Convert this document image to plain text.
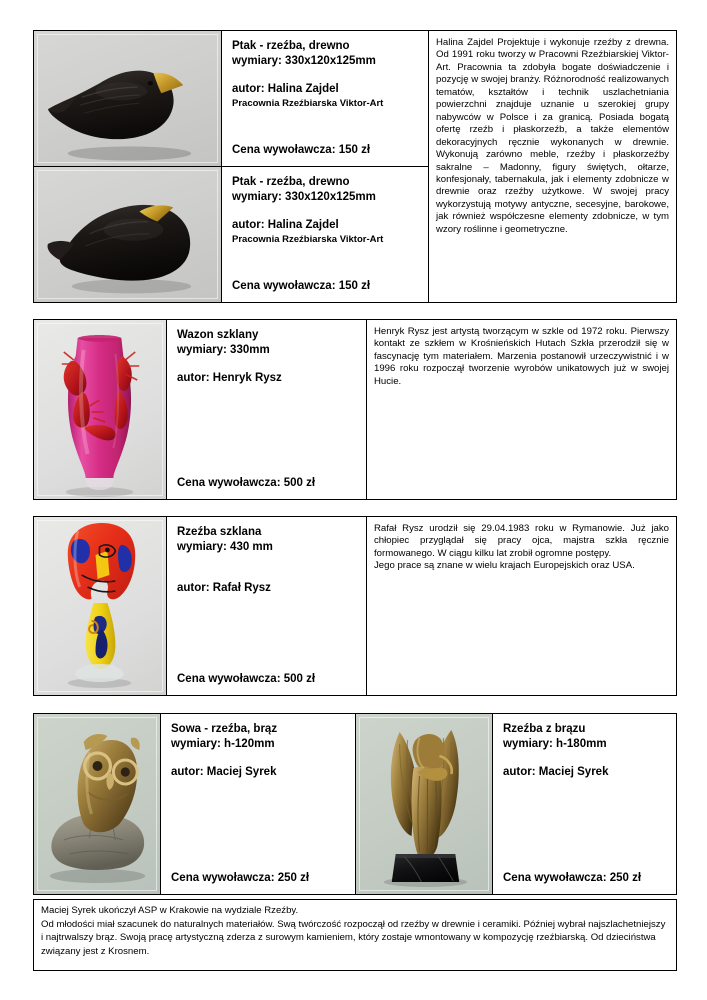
Ptak - rzeźba, drewno
wymiary: 330x120x125mm
autor: Halina Zajdel
Pracownia Rzeźbiarska Viktor-Art
Cena wywoławcza: 150 zł
Ptak - rzeźba, drewno
wymiary: 330x120x125mm
autor: Halina Zajdel
Pracownia Rzeźbiarska Viktor-Art
Cena wywoławcza: 150 zł

Halina Zajdel Projektuje i wykonuje rzeźby z drewna. Od 1991 roku tworzy w Pracowni Rzeźbiarskiej Viktor-Art. Pracownia ta zdobyła bogate doświadczenie i pozycję w swojej branży. Różnorodność realizowanych tematów, kształtów i technik uszlachetniania powierzchni znajduje uznanie u szerokiej grupy nabywców w Polsce i za granicą. Posiada bogatą ofertę rzeźb i płaskorzeźb, a także elementów dekoracyjnych ręcznie wykonanych w drewnie. Wykonują zarówno meble, rzeźby i płaskorzeźby sakralne – Madonny, figury świętych, ołtarze, konfesjonały, tabernakula, jak i elementy zdobnicze w drewnie oraz rzeźby użytkowe. W swojej pracy wykorzystują motywy antyczne, secesyjne, barokowe, jak również współczesne elementy zdobnicze, w tym wzory roślinne i geometryczne.

Wazon szklany
wymiary: 330mm
autor: Henryk Rysz
Cena wywoławcza: 500 zł

Henryk Rysz jest artystą tworzącym w szkle od 1972 roku. Pierwszy kontakt ze szkłem w Krośnieńskich Hutach Szkła przerodził się w fascynację tym materiałem. Marzenia postanowił urzeczywistnić i w 1996 roku rozpoczął tworzenie wyrobów unikatowych już w swojej Hucie.

Rzeźba szklana
wymiary: 430 mm
autor: Rafał Rysz
Cena wywoławcza: 500 zł

Rafał Rysz urodził się 29.04.1983 roku w Rymanowie. Już jako chłopiec przyglądał się pracy ojca, majstra szkła ręcznie formowanego. W ciągu kilku lat zrobił ogromne postępy.

Jego prace są znane w wielu krajach Europejskich oraz USA.

Sowa - rzeźba, brąz
wymiary: h-120mm
autor: Maciej Syrek
Cena wywoławcza: 250 zł
Rzeźba z brązu
wymiary: h-180mm
autor: Maciej Syrek
Cena wywoławcza: 250 zł

Maciej Syrek ukończył ASP w Krakowie na wydziale Rzeźby.

Od młodości miał szacunek do naturalnych materiałów. Swą twórczość rozpoczął od rzeźby w drewnie i ceramiki. Później wybrał najszlachetniejszy i najtrwalszy brąz. Swoją pracę artystyczną zderza z surowym kamieniem, który zostaje wmontowany w kompozycję rzeźbiarską. Od dzieciństwa związany jest z Krosnem.
